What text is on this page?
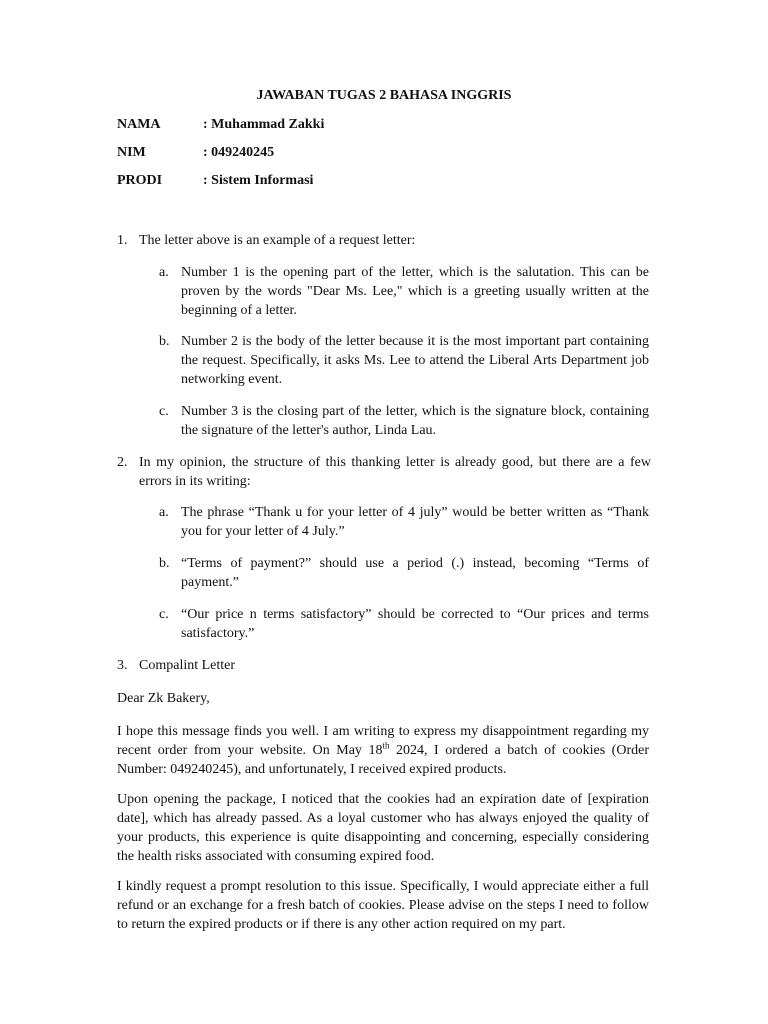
JAWABAN TUGAS 2 BAHASA INGGRIS
NAMA	: Muhammad Zakki
NIM	: 049240245
PRODI	: Sistem Informasi
1. The letter above is an example of a request letter:
a. Number 1 is the opening part of the letter, which is the salutation. This can be proven by the words "Dear Ms. Lee," which is a greeting usually written at the beginning of a letter.
b. Number 2 is the body of the letter because it is the most important part containing the request. Specifically, it asks Ms. Lee to attend the Liberal Arts Department job networking event.
c. Number 3 is the closing part of the letter, which is the signature block, containing the signature of the letter's author, Linda Lau.
2. In my opinion, the structure of this thanking letter is already good, but there are a few errors in its writing:
a. The phrase “Thank u for your letter of 4 july” would be better written as “Thank you for your letter of 4 July.”
b. “Terms of payment?” should use a period (.) instead, becoming “Terms of payment.”
c. “Our price n terms satisfactory” should be corrected to “Our prices and terms satisfactory.”
3. Compalint Letter
Dear Zk Bakery,
I hope this message finds you well. I am writing to express my disappointment regarding my recent order from your website. On May 18th 2024, I ordered a batch of cookies (Order Number: 049240245), and unfortunately, I received expired products.
Upon opening the package, I noticed that the cookies had an expiration date of [expiration date], which has already passed. As a loyal customer who has always enjoyed the quality of your products, this experience is quite disappointing and concerning, especially considering the health risks associated with consuming expired food.
I kindly request a prompt resolution to this issue. Specifically, I would appreciate either a full refund or an exchange for a fresh batch of cookies. Please advise on the steps I need to follow to return the expired products or if there is any other action required on my part.
